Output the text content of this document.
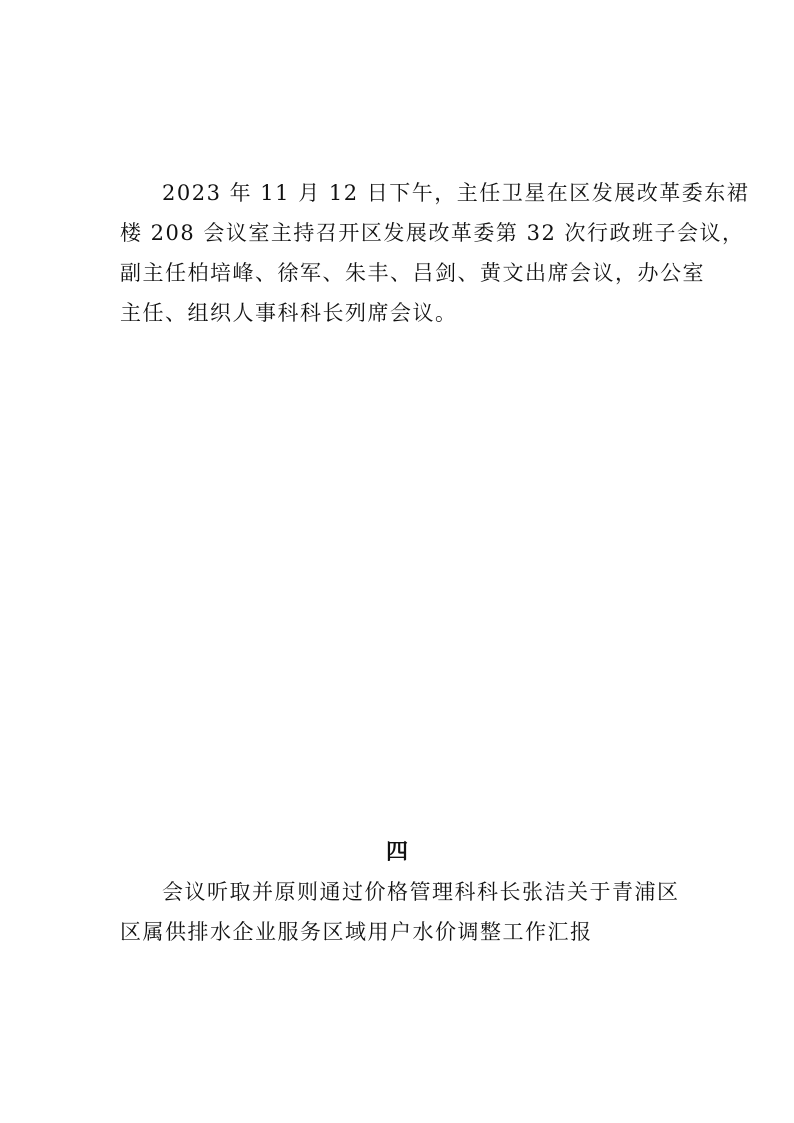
2023 年 11 月 12 日下午，主任卫星在区发展改革委东裙
楼 208 会议室主持召开区发展改革委第 32 次行政班子会议，
副主任柏培峰、徐军、朱丰、吕剑、黄文出席会议，办公室
主任、组织人事科科长列席会议。

四

会议听取并原则通过价格管理科科长张洁关于青浦区
区属供排水企业服务区域用户水价调整工作汇报
